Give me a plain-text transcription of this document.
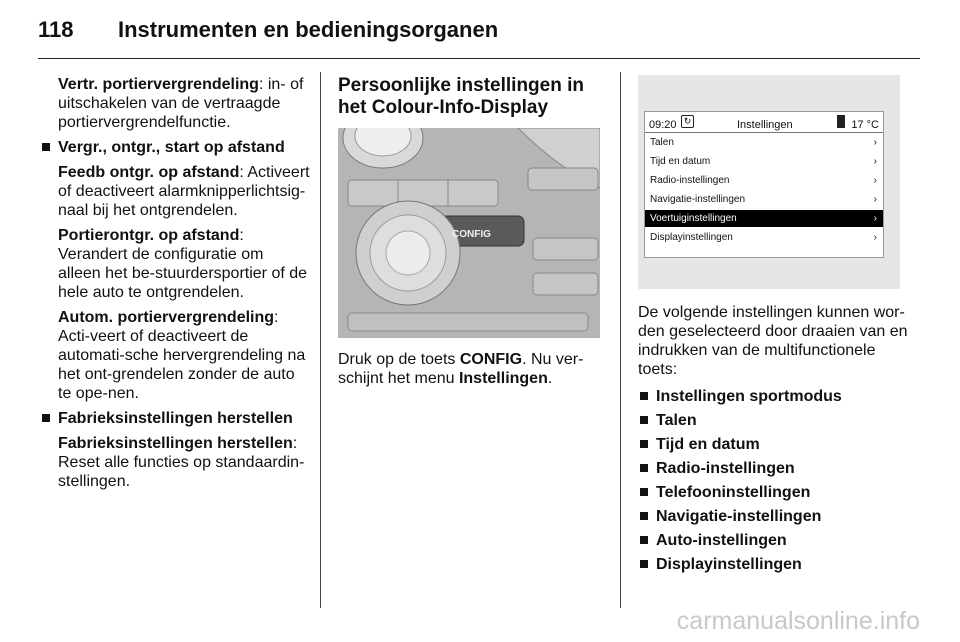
118 Instrumenten en bedieningsorganen
Vertr. portiervergrendeling: in- of uitschakelen van de vertraagde portiervergrendelfunctie.
Vergr., ontgr., start op afstand
Feedb ontgr. op afstand: Activeert of deactiveert alarmknipperlichtsig-naal bij het ontgrendelen.
Portierontgr. op afstand: Verandert de configuratie om alleen het be-stuurdersportier of de hele auto te ontgrendelen.
Autom. portiervergrendeling: Acti-veert of deactiveert de automati-sche hervergrendeling na het ont-grendelen zonder de auto te ope-nen.
Fabrieksinstellingen herstellen
Fabrieksinstellingen herstellen: Reset alle functies op standaardin-stellingen.
Persoonlijke instellingen in het Colour-Info-Display
CONFIG
Druk op de toets CONFIG. Nu ver-schijnt het menu Instellingen.
09:20 ↻	Instellingen	17 °C
Talen	›
Tijd en datum	›
Radio-instellingen	›
Navigatie-instellingen	›
Voertuiginstellingen	›
Displayinstellingen	›
De volgende instellingen kunnen wor-den geselecteerd door draaien van en indrukken van de multifunctionele toets:
Instellingen sportmodus
Talen
Tijd en datum
Radio-instellingen
Telefooninstellingen
Navigatie-instellingen
Auto-instellingen
Displayinstellingen
carmanualsonline.info
